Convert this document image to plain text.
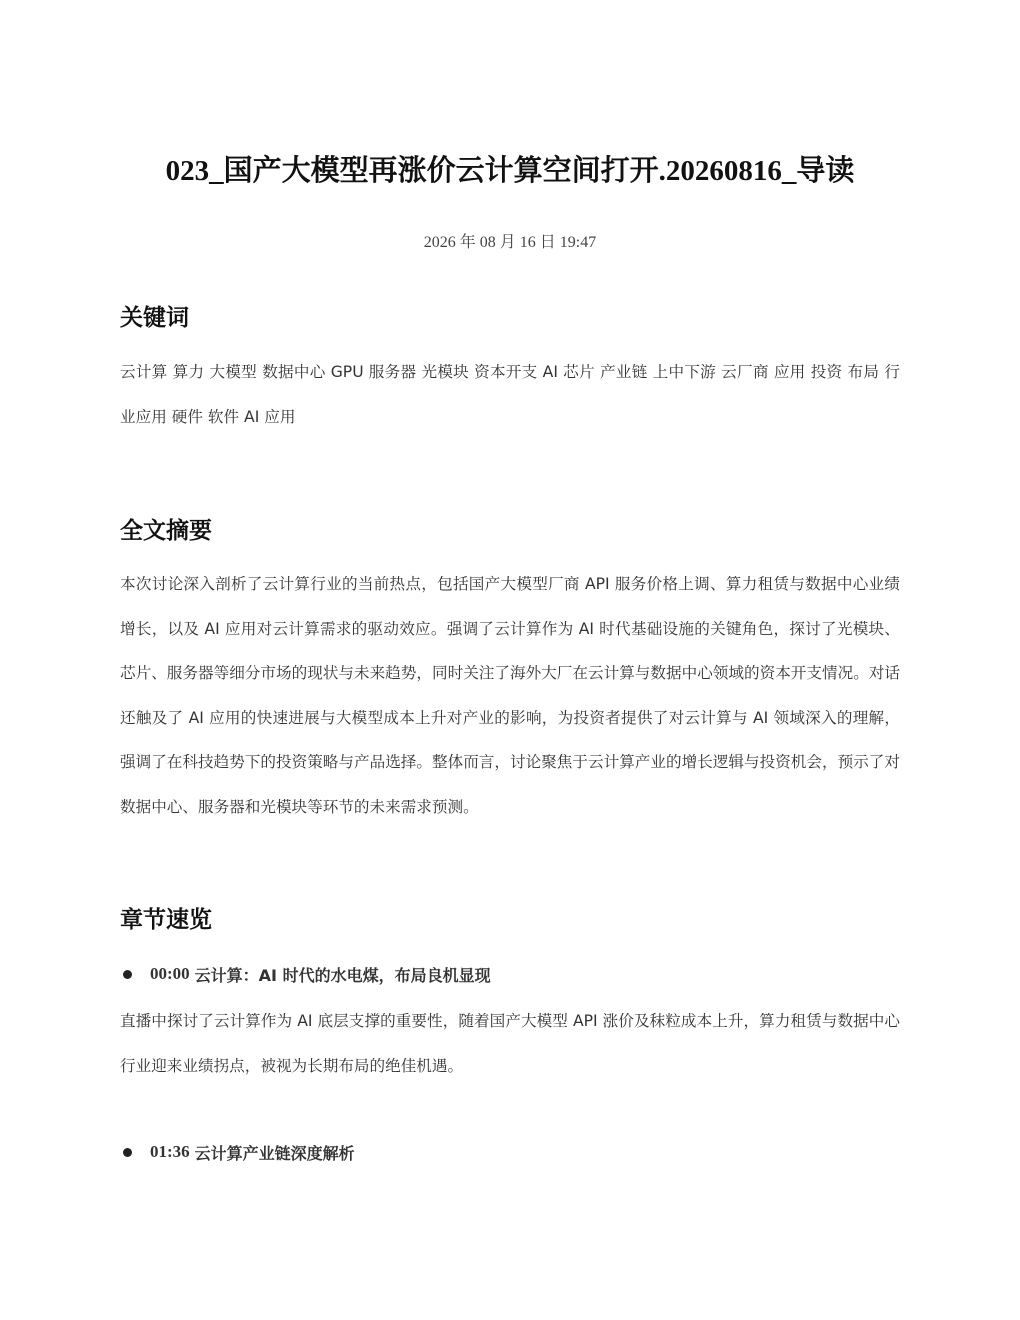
023_国产大模型再涨价云计算空间打开.20260816_导读
2026 年 08 月 16 日 19:47
关键词

云计算 算力 大模型 数据中心 GPU 服务器 光模块 资本开支 AI 芯片 产业链 上中下游 云厂商 应用 投资 布局 行业应用 硬件 软件 AI 应用

全文摘要

本次讨论深入剖析了云计算行业的当前热点，包括国产大模型厂商 API 服务价格上调、算力租赁与数据中心业绩增长，以及 AI 应用对云计算需求的驱动效应。强调了云计算作为 AI 时代基础设施的关键角色，探讨了光模块、芯片、服务器等细分市场的现状与未来趋势，同时关注了海外大厂在云计算与数据中心领域的资本开支情况。对话还触及了 AI 应用的快速进展与大模型成本上升对产业的影响，为投资者提供了对云计算与 AI 领域深入的理解，强调了在科技趋势下的投资策略与产品选择。整体而言，讨论聚焦于云计算产业的增长逻辑与投资机会，预示了对数据中心、服务器和光模块等环节的未来需求预测。

章节速览
00:00 云计算：AI 时代的水电煤，布局良机显现

直播中探讨了云计算作为 AI 底层支撑的重要性，随着国产大模型 API 涨价及秣粒成本上升，算力租赁与数据中心行业迎来业绩拐点，被视为长期布局的绝佳机遇。

01:36 云计算产业链深度解析
